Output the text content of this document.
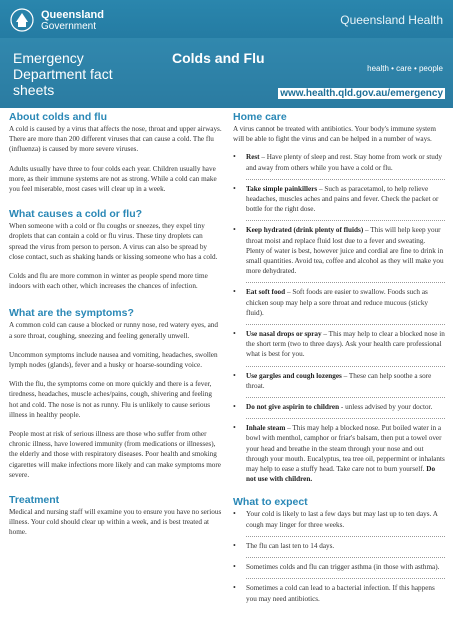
Queensland
Government	Queensland Health
Emergency Department fact sheets
Colds and Flu
health • care • people
www.health.qld.gov.au/emergency
About colds and flu
A cold is caused by a virus that affects the nose, throat and upper airways. There are more than 200 different viruses that can cause a cold. The flu (influenza) is caused by more severe viruses.
Adults usually have three to four colds each year. Children usually have more, as their immune systems are not as strong. While a cold can make you feel miserable, most cases will clear up in a week.
What causes a cold or flu?
When someone with a cold or flu coughs or sneezes, they expel tiny droplets that can contain a cold or flu virus. These tiny droplets can spread the virus from person to person. A virus can also be spread by close contact, such as shaking hands or kissing someone who has a cold.
Colds and flu are more common in winter as people spend more time indoors with each other, which increases the chances of infection.
What are the symptoms?
A common cold can cause a blocked or runny nose, red watery eyes, and a sore throat, coughing, sneezing and feeling generally unwell.
Uncommon symptoms include nausea and vomiting, headaches, swollen lymph nodes (glands), fever and a husky or hoarse-sounding voice.
With the flu, the symptoms come on more quickly and there is a fever, tiredness, headaches, muscle aches/pains, cough, shivering and feeling hot and cold. The nose is not as runny. Flu is unlikely to cause serious illness in healthy people.
People most at risk of serious illness are those who suffer from other chronic illness, have lowered immunity (from medications or illnesses), the elderly and those with respiratory diseases. Poor health and smoking cigarettes will make infections more likely and can make symptoms more severe.
Treatment
Medical and nursing staff will examine you to ensure you have no serious illness. Your cold should clear up within a week, and is best treated at home.
Home care
A virus cannot be treated with antibiotics. Your body's immune system will be able to fight the virus and can be helped in a number of ways.
• Rest – Have plenty of sleep and rest. Stay home from work or study and away from others while you have a cold or flu.
• Take simple painkillers – Such as paracetamol, to help relieve headaches, muscles aches and pains and fever. Check the packet or bottle for the right dose.
• Keep hydrated (drink plenty of fluids) – This will help keep your throat moist and replace fluid lost due to a fever and sweating. Plenty of water is best, however juice and cordial are fine to drink in small quantities. Avoid tea, coffee and alcohol as they will make you more dehydrated.
• Eat soft food – Soft foods are easier to swallow. Foods such as chicken soup may help a sore throat and reduce mucous (sticky fluid).
• Use nasal drops or spray – This may help to clear a blocked nose in the short term (two to three days). Ask your health care professional what is best for you.
• Use gargles and cough lozenges – These can help soothe a sore throat.
• Do not give aspirin to children - unless advised by your doctor.
• Inhale steam – This may help a blocked nose. Put boiled water in a bowl with menthol, camphor or friar's balsam, then put a towel over your head and breathe in the steam through your nose and out through your mouth. Eucalyptus, tea tree oil, peppermint or inhalants may help to ease a stuffy head. Take care not to burn yourself. Do not use with children.
What to expect
• Your cold is likely to last a few days but may last up to ten days. A cough may linger for three weeks.
• The flu can last ten to 14 days.
• Sometimes colds and flu can trigger asthma (in those with asthma).
• Sometimes a cold can lead to a bacterial infection. If this happens you may need antibiotics.
